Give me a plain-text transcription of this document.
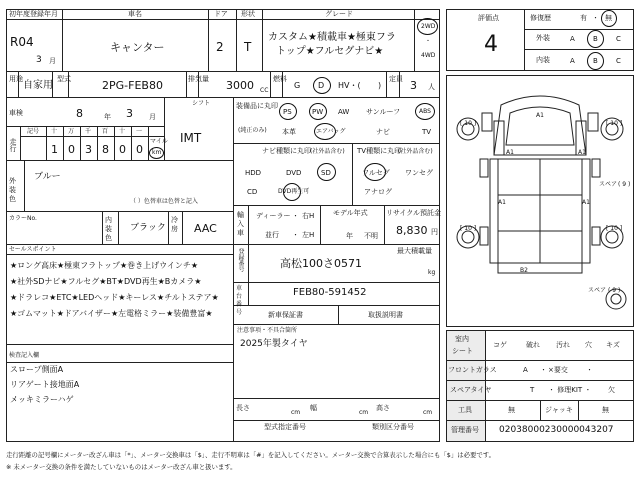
初年度登録年月
R04
3 月
車名
キャンター
ドア
2
形状
T
グレード
カスタム★積載車★極東フラ
トップ★フルセグナビ★
2WD
・
4WD
用途
自家用
型式	2PG-FEB80	排気量 3000 CC
燃料
G D HV・( )
定員 3 人
車検	8	年 3 月
シフト
IMT
走行
記号 十 万 千 百 十 一
1 0 3 8 0 0
マイル
km
外装色
ブルー
（ ）色替車は色替と記入
カラーNo.	内装色
ブラック
冷房 AAC
セールスポイント
★ロング高床★極東フラトップ★巻き上げウインチ★
★社外SDナビ★フルセグ★BT★DVD再生★Bカメラ★
★ドラレコ★ETC★LEDヘッド★キーレス★チルトステア★
★ゴムマット★ドアバイザー★左電格ミラー★装備豊富★
検査記入欄
スロープ側面A
リアゲート接地面A
メッキミラーハゲ
装備品に丸印
(純正のみ)
PS	PW AW サンルーフ	ABS
本革	エアバッグ	ナビ	TV
ナビ種類に丸印 (社外品含む)
HDD	DVD	SD
CD	DVD再生可
TV種類に丸印
(社外品含む)
フルセグ ワンセグ
アナログ
輸入車
ディーラー ・ 右H
並行 ・ 左H
モデル年式
年 不明
リサイクル預託金
8,830 円
登録番号	高松100さ0571
最大積載量
kg
車台番号
FEB80-591452
新車保証書	取扱説明書
注意事項・不具合箇所
2025年製タイヤ
長さ
cm
幅
cm
高さ
cm
型式指定番号	類別区分番号
評価点
4
修復歴	有 ・ 無
外装	A	B	C
内装	A	B	C
[ 10 ]	[ 10 ]
[ 10 ]	[ 10 ]
A1
A1	A1
A1	A1
B2
スペア ( 9 )
スペア ( 9 )
室内
シート
コゲ	破れ 汚れ 穴 キズ
フロントガラス	A ・ ×要交	・
スペアタイヤ	T ・ 修理KIT ・ 欠
工具	無	ジャッキ	無
管理番号 02038000230000043207
走行距離の記号欄にメーター改ざん車は「*」、メーター交換車は「$」、走行不明車は「#」を記入してください。メーター交換で合算表示した場合にも「$」は必要です。
※ 未メーター交換の条件を満たしていないものはメーター改ざん車と扱います。
